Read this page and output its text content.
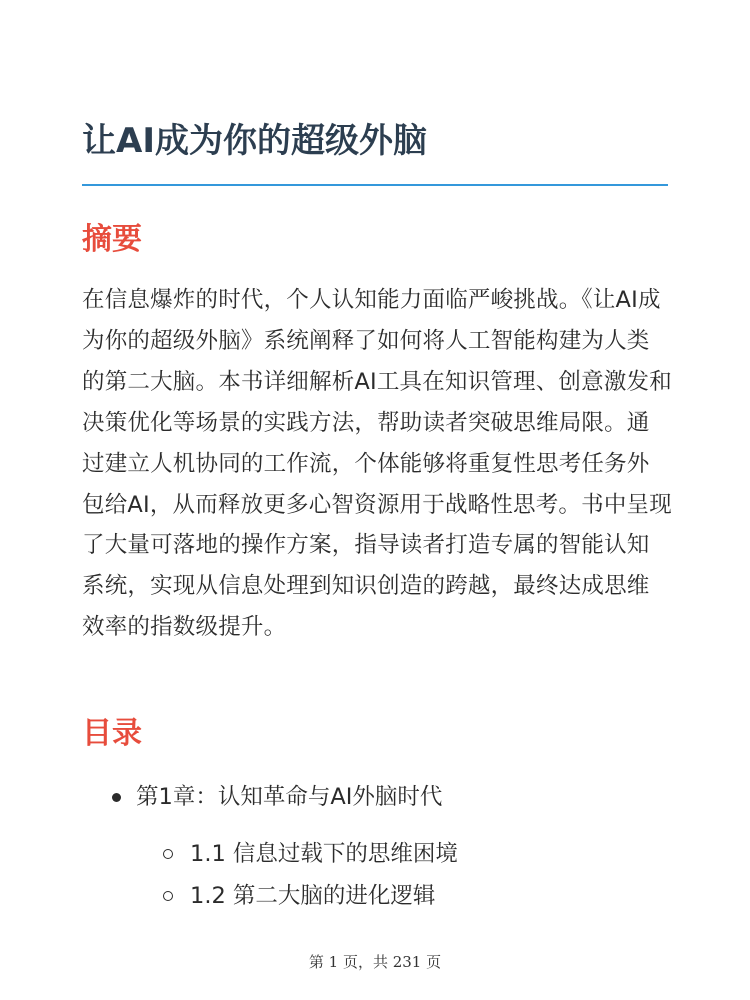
让AI成为你的超级外脑
摘要

在信息爆炸的时代，个人认知能力面临严峻挑战。《让AI成为你的超级外脑》系统阐释了如何将人工智能构建为人类的第二大脑。本书详细解析AI工具在知识管理、创意激发和决策优化等场景的实践方法，帮助读者突破思维局限。通过建立人机协同的工作流，个体能够将重复性思考任务外包给AI，从而释放更多心智资源用于战略性思考。书中呈现了大量可落地的操作方案，指导读者打造专属的智能认知系统，实现从信息处理到知识创造的跨越，最终达成思维效率的指数级提升。

目录
第1章：认知革命与AI外脑时代
1.1 信息过载下的思维困境
1.2 第二大脑的进化逻辑
第 1 页，共 231 页
